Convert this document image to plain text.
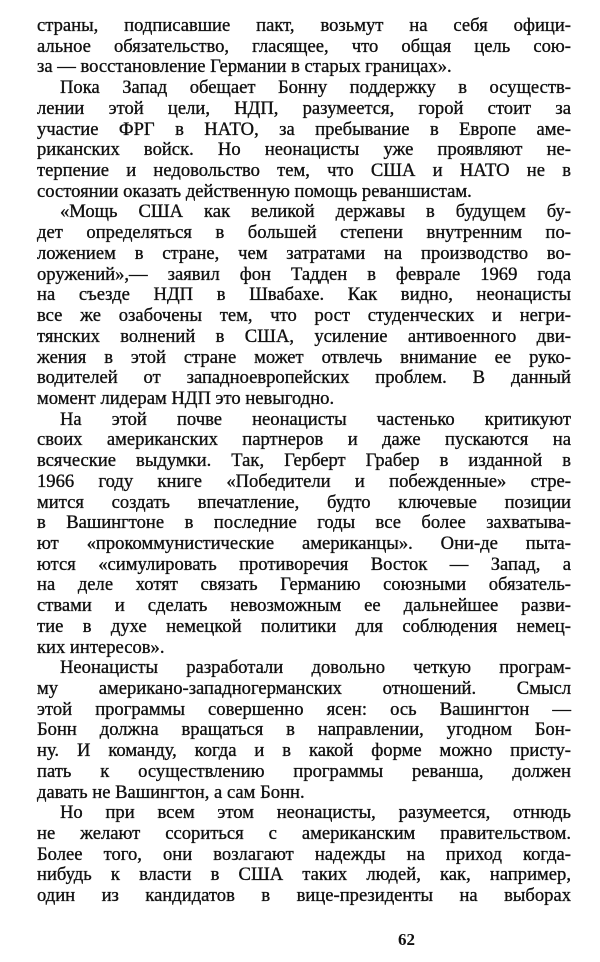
страны, подписавшие пакт, возьмут на себя офици-
альное обязательство, гласящее, что общая цель сою-
за — восстановление Германии в старых границах».
Пока Запад обещает Бонну поддержку в осуществ-
лении этой цели, НДП, разумеется, горой стоит за
участие ФРГ в НАТО, за пребывание в Европе аме-
риканских войск. Но неонацисты уже проявляют не-
терпение и недовольство тем, что США и НАТО не в
состоянии оказать действенную помощь реваншистам.
«Мощь США как великой державы в будущем бу-
дет определяться в большей степени внутренним по-
ложением в стране, чем затратами на производство во-
оружений»,— заявил фон Тадден в феврале 1969 года
на съезде НДП в Швабахе. Как видно, неонацисты
все же озабочены тем, что рост студенческих и негри-
тянских волнений в США, усиление антивоенного дви-
жения в этой стране может отвлечь внимание ее руко-
водителей от западноевропейских проблем. В данный
момент лидерам НДП это невыгодно.
На этой почве неонацисты частенько критикуют
своих американских партнеров и даже пускаются на
всяческие выдумки. Так, Герберт Грабер в изданной в
1966 году книге «Победители и побежденные» стре-
мится создать впечатление, будто ключевые позиции
в Вашингтоне в последние годы все более захватыва-
ют «прокоммунистические американцы». Они-де пыта-
ются «симулировать противоречия Восток — Запад, а
на деле хотят связать Германию союзными обязатель-
ствами и сделать невозможным ее дальнейшее разви-
тие в духе немецкой политики для соблюдения немец-
ких интересов».
Неонацисты разработали довольно четкую програм-
му американо-западногерманских отношений. Смысл
этой программы совершенно ясен: ось Вашингтон —
Бонн должна вращаться в направлении, угодном Бон-
ну. И команду, когда и в какой форме можно присту-
пать к осуществлению программы реванша, должен
давать не Вашингтон, а сам Бонн.
Но при всем этом неонацисты, разумеется, отнюдь
не желают ссориться с американским правительством.
Более того, они возлагают надежды на приход когда-
нибудь к власти в США таких людей, как, например,
один из кандидатов в вице-президенты на выборах
62
